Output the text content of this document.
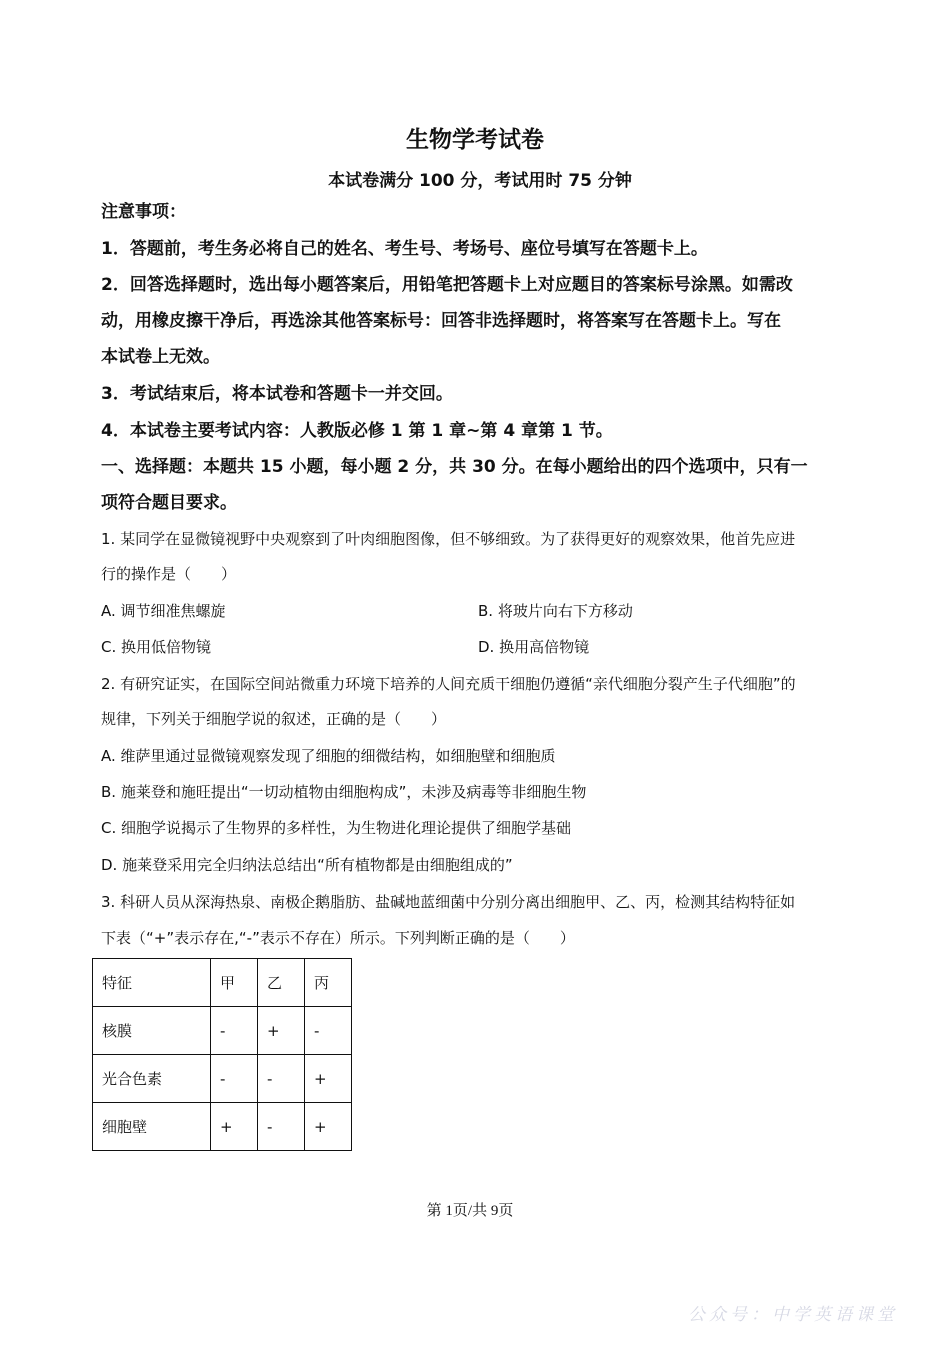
生物学考试卷
本试卷满分 100 分，考试用时 75 分钟
注意事项：
1．答题前，考生务必将自己的姓名、考生号、考场号、座位号填写在答题卡上。
2．回答选择题时，选出每小题答案后，用铅笔把答题卡上对应题目的答案标号涂黑。如需改
动，用橡皮擦干净后，再选涂其他答案标号：回答非选择题时，将答案写在答题卡上。写在
本试卷上无效。
3．考试结束后，将本试卷和答题卡一并交回。
4．本试卷主要考试内容：人教版必修 1 第 1 章~第 4 章第 1 节。
一、选择题：本题共 15 小题，每小题 2 分，共 30 分。在每小题给出的四个选项中，只有一
项符合题目要求。
1. 某同学在显微镜视野中央观察到了叶肉细胞图像，但不够细致。为了获得更好的观察效果，他首先应进
行的操作是（　　）
A. 调节细准焦螺旋	B. 将玻片向右下方移动
C. 换用低倍物镜	D. 换用高倍物镜
2. 有研究证实，在国际空间站微重力环境下培养的人间充质干细胞仍遵循“亲代细胞分裂产生子代细胞”的
规律，下列关于细胞学说的叙述，正确的是（　　）
A. 维萨里通过显微镜观察发现了细胞的细微结构，如细胞壁和细胞质
B. 施莱登和施旺提出“一切动植物由细胞构成”，未涉及病毒等非细胞生物
C. 细胞学说揭示了生物界的多样性，为生物进化理论提供了细胞学基础
D. 施莱登采用完全归纳法总结出“所有植物都是由细胞组成的”
3. 科研人员从深海热泉、南极企鹅脂肪、盐碱地蓝细菌中分别分离出细胞甲、乙、丙，检测其结构特征如
下表（“+”表示存在,“-”表示不存在）所示。下列判断正确的是（　　）
特征	甲	乙	丙
核膜	-	+	-
光合色素	-	-	+
细胞壁	+	-	+
第 1页/共 9页
公众号：中学英语课堂
